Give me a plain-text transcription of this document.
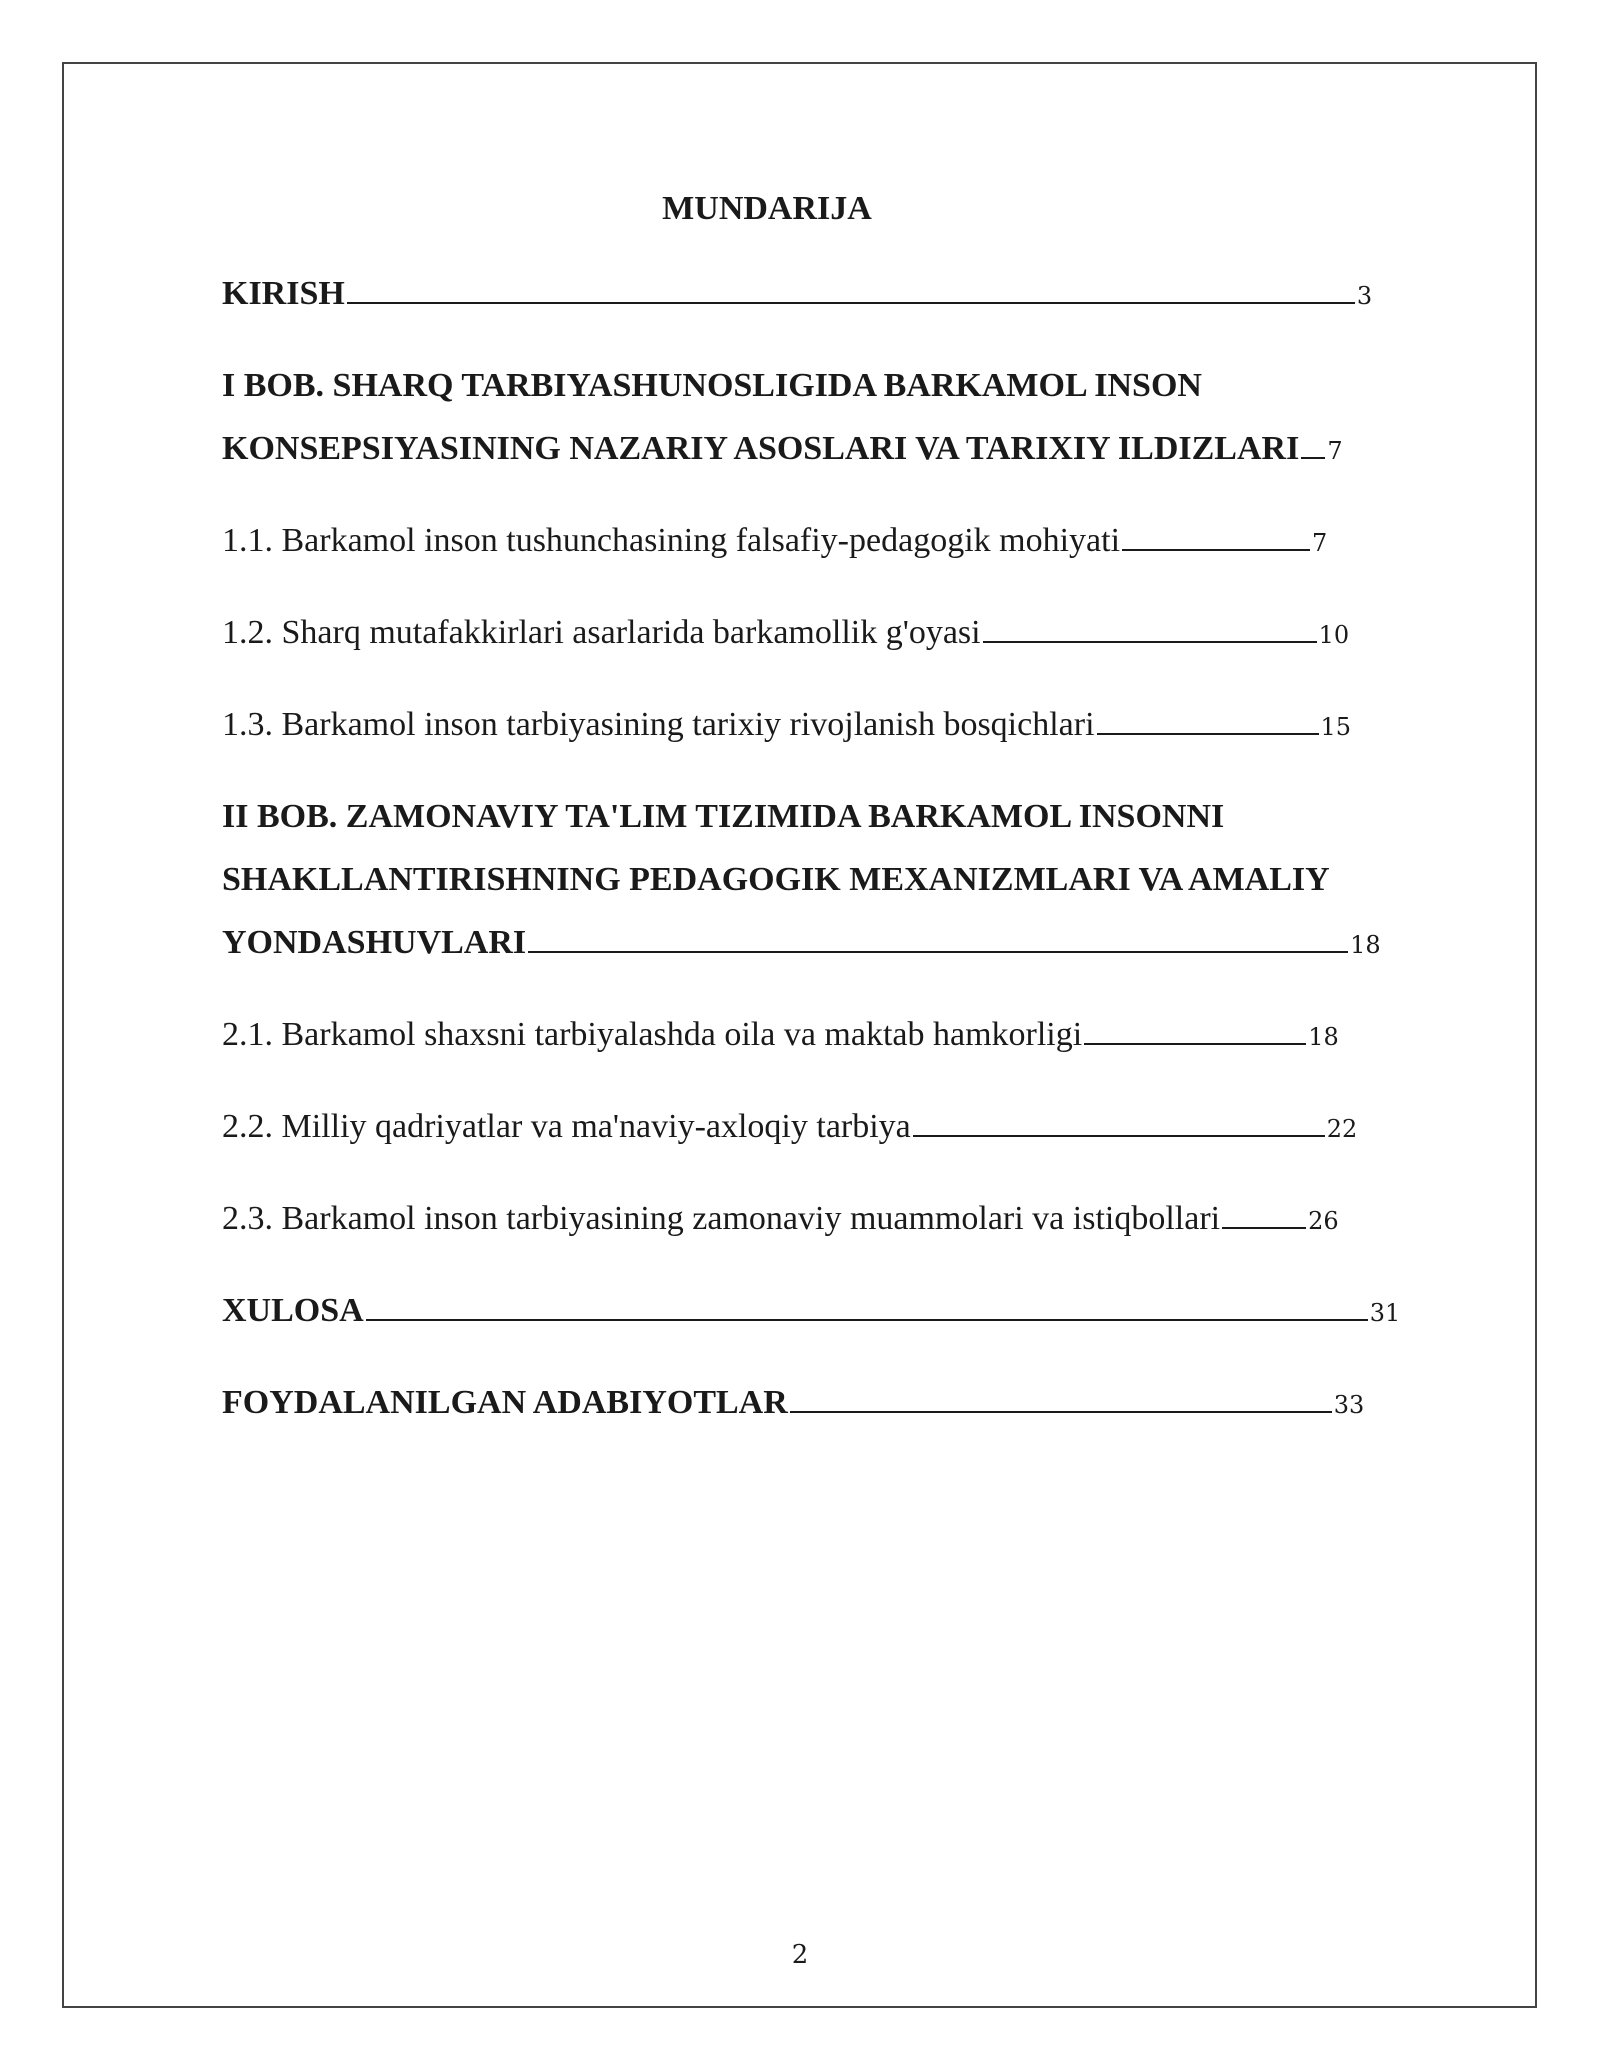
MUNDARIJA
KIRISH	3
I BOB. SHARQ TARBIYASHUNOSLIGIDA BARKAMOL INSON
KONSEPSIYASINING NAZARIY ASOSLARI VA TARIXIY ILDIZLARI 7
1.1. Barkamol inson tushunchasining falsafiy-pedagogik mohiyati	7
1.2. Sharq mutafakkirlari asarlarida barkamollik g'oyasi	10
1.3. Barkamol inson tarbiyasining tarixiy rivojlanish bosqichlari	15
II BOB. ZAMONAVIY TA'LIM TIZIMIDA BARKAMOL INSONNI
SHAKLLANTIRISHNING PEDAGOGIK MEXANIZMLARI VA AMALIY
YONDASHUVLARI	18
2.1. Barkamol shaxsni tarbiyalashda oila va maktab hamkorligi	18
2.2. Milliy qadriyatlar va ma'naviy-axloqiy tarbiya	22
2.3. Barkamol inson tarbiyasining zamonaviy muammolari va istiqbollari	26
XULOSA	31
FOYDALANILGAN ADABIYOTLAR	33
2
